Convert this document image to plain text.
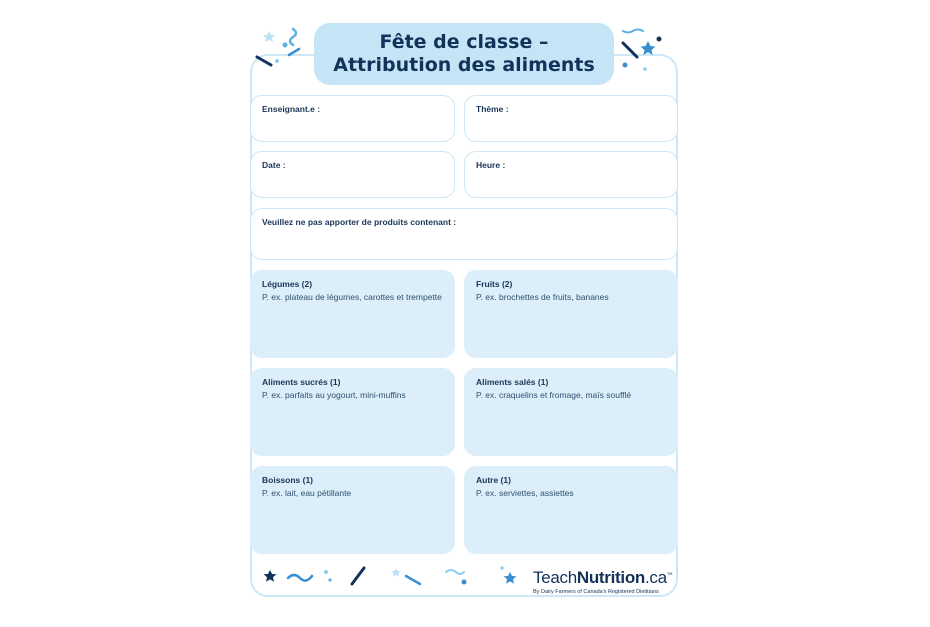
Fête de classe –
Attribution des aliments
Enseignant.e :	Thème :
Date :	Heure :
Veuillez ne pas apporter de produits contenant :
Légumes (2)
P. ex. plateau de légumes, carottes et trempette
Fruits (2)
P. ex. brochettes de fruits, bananes
Aliments sucrés (1)
P. ex. parfaits au yogourt, mini-muffins
Aliments salés (1)
P. ex. craquelins et fromage, maïs soufflé
Boissons (1)
P. ex. lait, eau pétillante
Autre (1)
P. ex. serviettes, assiettes
TeachNutrition.ca™
By Dairy Farmers of Canada's Registered Dietitians
